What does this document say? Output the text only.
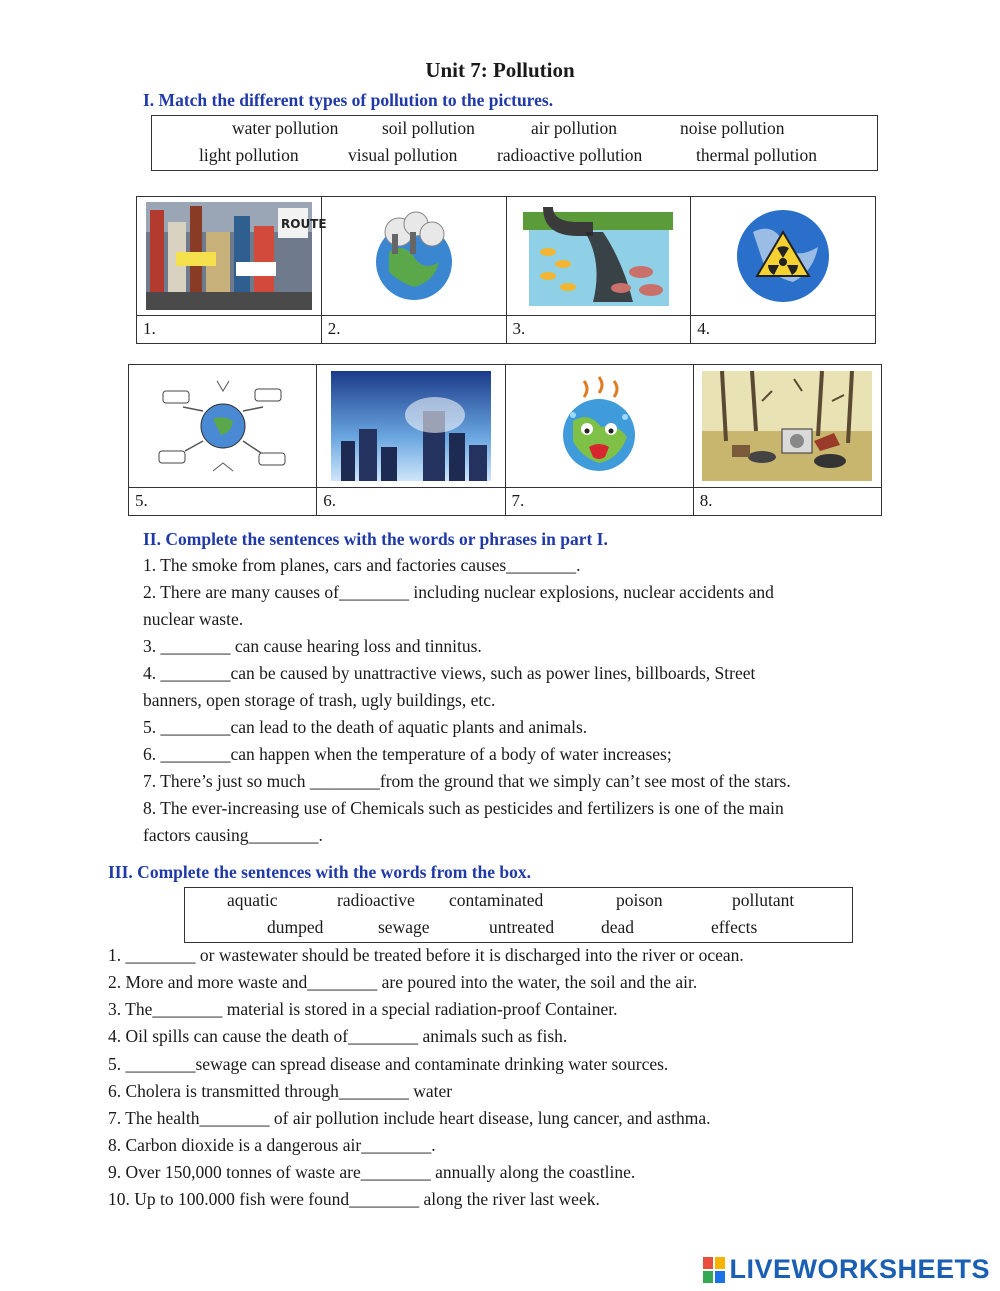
Unit 7: Pollution
I. Match the different types of pollution to the pictures.
water pollution soil pollution	air pollution	noise pollution
light pollution	visual pollution radioactive pollution	thermal pollution
ROUTE
1.	2.	3.	4.
5.	6.	7.	8.
II. Complete the sentences with the words or phrases in part I.
1. The smoke from planes, cars and factories causes________.
2. There are many causes of________ including nuclear explosions, nuclear accidents and
nuclear waste.
3. ________ can cause hearing loss and tinnitus.
4. ________can be caused by unattractive views, such as power lines, billboards, Street
banners, open storage of trash, ugly buildings, etc.
5. ________can lead to the death of aquatic plants and animals.
6. ________can happen when the temperature of a body of water increases;
7. There’s just so much ________from the ground that we simply can’t see most of the stars.
8. The ever-increasing use of Chemicals such as pesticides and fertilizers is one of the main
factors causing________.
III. Complete the sentences with the words from the box.
aquatic	radioactive contaminated	poison	pollutant
dumped	sewage	untreated	dead	effects
1. ________ or wastewater should be treated before it is discharged into the river or ocean.
2. More and more waste and________ are poured into the water, the soil and the air.
3. The________ material is stored in a special radiation-proof Container.
4. Oil spills can cause the death of________ animals such as fish.
5. ________sewage can spread disease and contaminate drinking water sources.
6. Cholera is transmitted through________ water
7. The health________ of air pollution include heart disease, lung cancer, and asthma.
8. Carbon dioxide is a dangerous air________.
9. Over 150,000 tonnes of waste are________ annually along the coastline.
10. Up to 100.000 fish were found________ along the river last week.
LIVEWORKSHEETS
